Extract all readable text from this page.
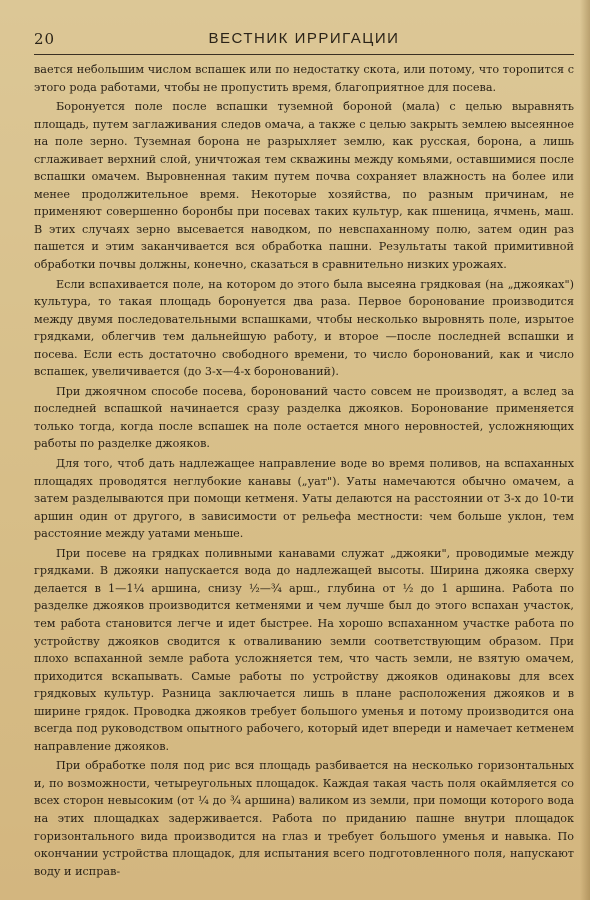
20	ВЕСТНИК ИРРИГАЦИИ

вается небольшим числом вспашек или по недостатку скота, или потому, что торопится с этого рода работами, чтобы не пропустить время, благоприятное для посева.

Боронуется поле после вспашки туземной бороной (мала) с целью выравнять площадь, путем заглаживания следов омача, а также с целью закрыть землею высеянное на поле зерно. Туземная борона не разрыхляет землю, как русская, борона, а лишь сглаживает верхний слой, уничтожая тем скважины между комьями, оставшимися после вспашки омачем. Выровненная таким путем почва сохраняет влажность на более или менее продолжительное время. Некоторые хозяйства, по разным причинам, не применяют совершенно боронбы при посевах таких культур, как пшеница, ячмень, маш. В этих случаях зерно высевается наводком, по невспаханному полю, затем один раз пашется и этим заканчивается вся обработка пашни. Результаты такой примитивной обработки почвы должны, конечно, сказаться в сравнительно низких урожаях.

Если вспахивается поле, на котором до этого была высеяна грядковая (на „джояках") культура, то такая площадь боронуется два раза. Первое боронование производится между двумя последовательными вспашками, чтобы несколько выровнять поле, изрытое грядками, облегчив тем дальнейшую работу, и второе —после последней вспашки и посева. Если есть достаточно свободного времени, то число боронований, как и число вспашек, увеличивается (до 3-х—4-х боронований).

При джоячном способе посева, боронований часто совсем не производят, а вслед за последней вспашкой начинается сразу разделка джояков. Боронование применяется только тогда, когда после вспашек на поле остается много неровностей, усложняющих работы по разделке джояков.

Для того, чтоб дать надлежащее направление воде во время поливов, на вспаханных площадях проводятся неглубокие канавы („уат"). Уаты намечаются обычно омачем, а затем разделываются при помощи кетменя. Уаты делаются на расстоянии от 3-х до 10-ти аршин один от другого, в зависимости от рельефа местности: чем больше уклон, тем расстояние между уатами меньше.

При посеве на грядках поливными канавами служат „джояки", проводимые между грядками. В джояки напускается вода до надлежащей высоты. Ширина джояка сверху делается в 1—1¼ аршина, снизу ½—¾ арш., глубина от ½ до 1 аршина. Работа по разделке джояков производится кетменями и чем лучше был до этого вспахан участок, тем работа становится легче и идет быстрее. На хорошо вспаханном участке работа по устройству джояков сводится к отваливанию земли соответствующим образом. При плохо вспаханной земле работа усложняется тем, что часть земли, не взятую омачем, приходится вскапывать. Самые работы по устройству джояков одинаковы для всех грядковых культур. Разница заключается лишь в плане расположения джояков и в ширине грядок. Проводка джояков требует большого уменья и потому производится она всегда под руководством опытного рабочего, который идет впереди и намечает кетменем направление джояков.

При обработке поля под рис вся площадь разбивается на несколько горизонтальных и, по возможности, четыреугольных площадок. Каждая такая часть поля окаймляется со всех сторон невысоким (от ¼ до ¾ аршина) валиком из земли, при помощи которого вода на этих площадках задерживается. Работа по приданию пашне внутри площадок горизонтального вида производится на глаз и требует большого уменья и навыка. По окончании устройства площадок, для испытания всего подготовленного поля, напускают воду и исправ-
